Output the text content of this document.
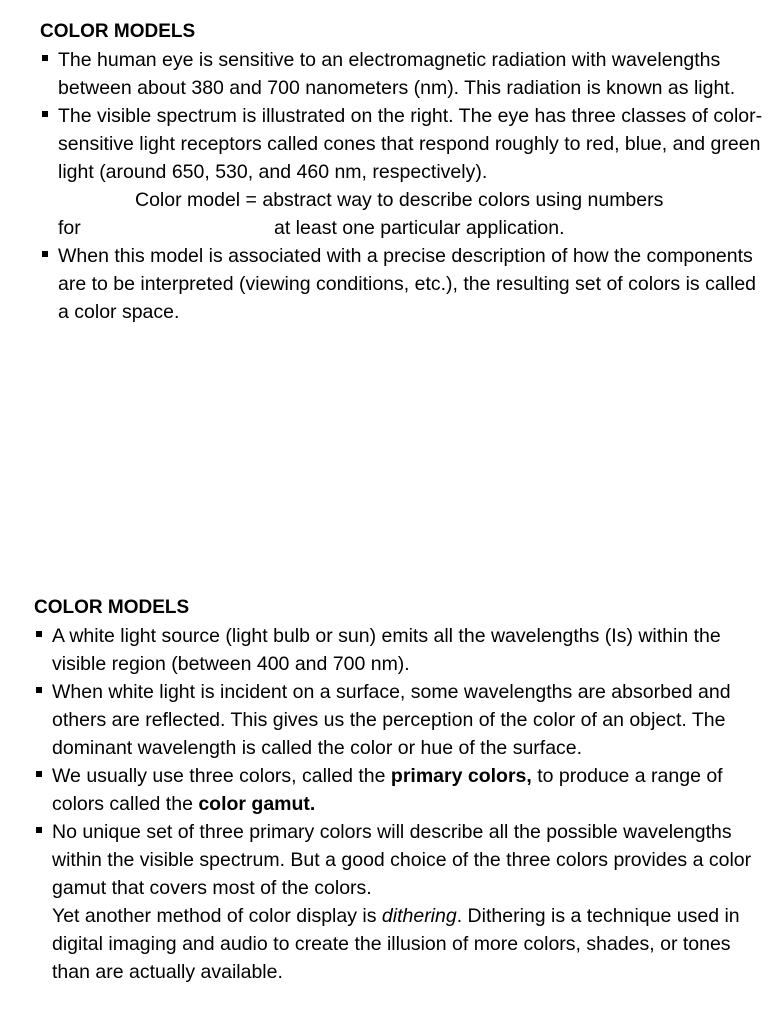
COLOR MODELS

The human eye is sensitive to an electromagnetic radiation with wavelengths between about 380 and 700 nanometers (nm). This radiation is known as light.
The visible spectrum is illustrated on the right. The eye has three classes of color-sensitive light receptors called cones that respond roughly to red, blue, and green light (around 650, 530, and 460 nm, respectively).
Color model = abstract way to describe colors using numbers
for	at least one particular application.
When this model is associated with a precise description of how the components are to be interpreted (viewing conditions, etc.), the resulting set of colors is called a color space.

COLOR MODELS

A white light source (light bulb or sun) emits all the wavelengths (Is) within the visible region (between 400 and 700 nm).
When white light is incident on a surface, some wavelengths are absorbed and others are reflected. This gives us the perception of the color of an object. The dominant wavelength is called the color or hue of the surface.
We usually use three colors, called the primary colors, to produce a range of colors called the color gamut.
No unique set of three primary colors will describe all the possible wavelengths within the visible spectrum. But a good choice of the three colors provides a color gamut that covers most of the colors.
Yet another method of color display is dithering. Dithering is a technique used in digital imaging and audio to create the illusion of more colors, shades, or tones than are actually available.
